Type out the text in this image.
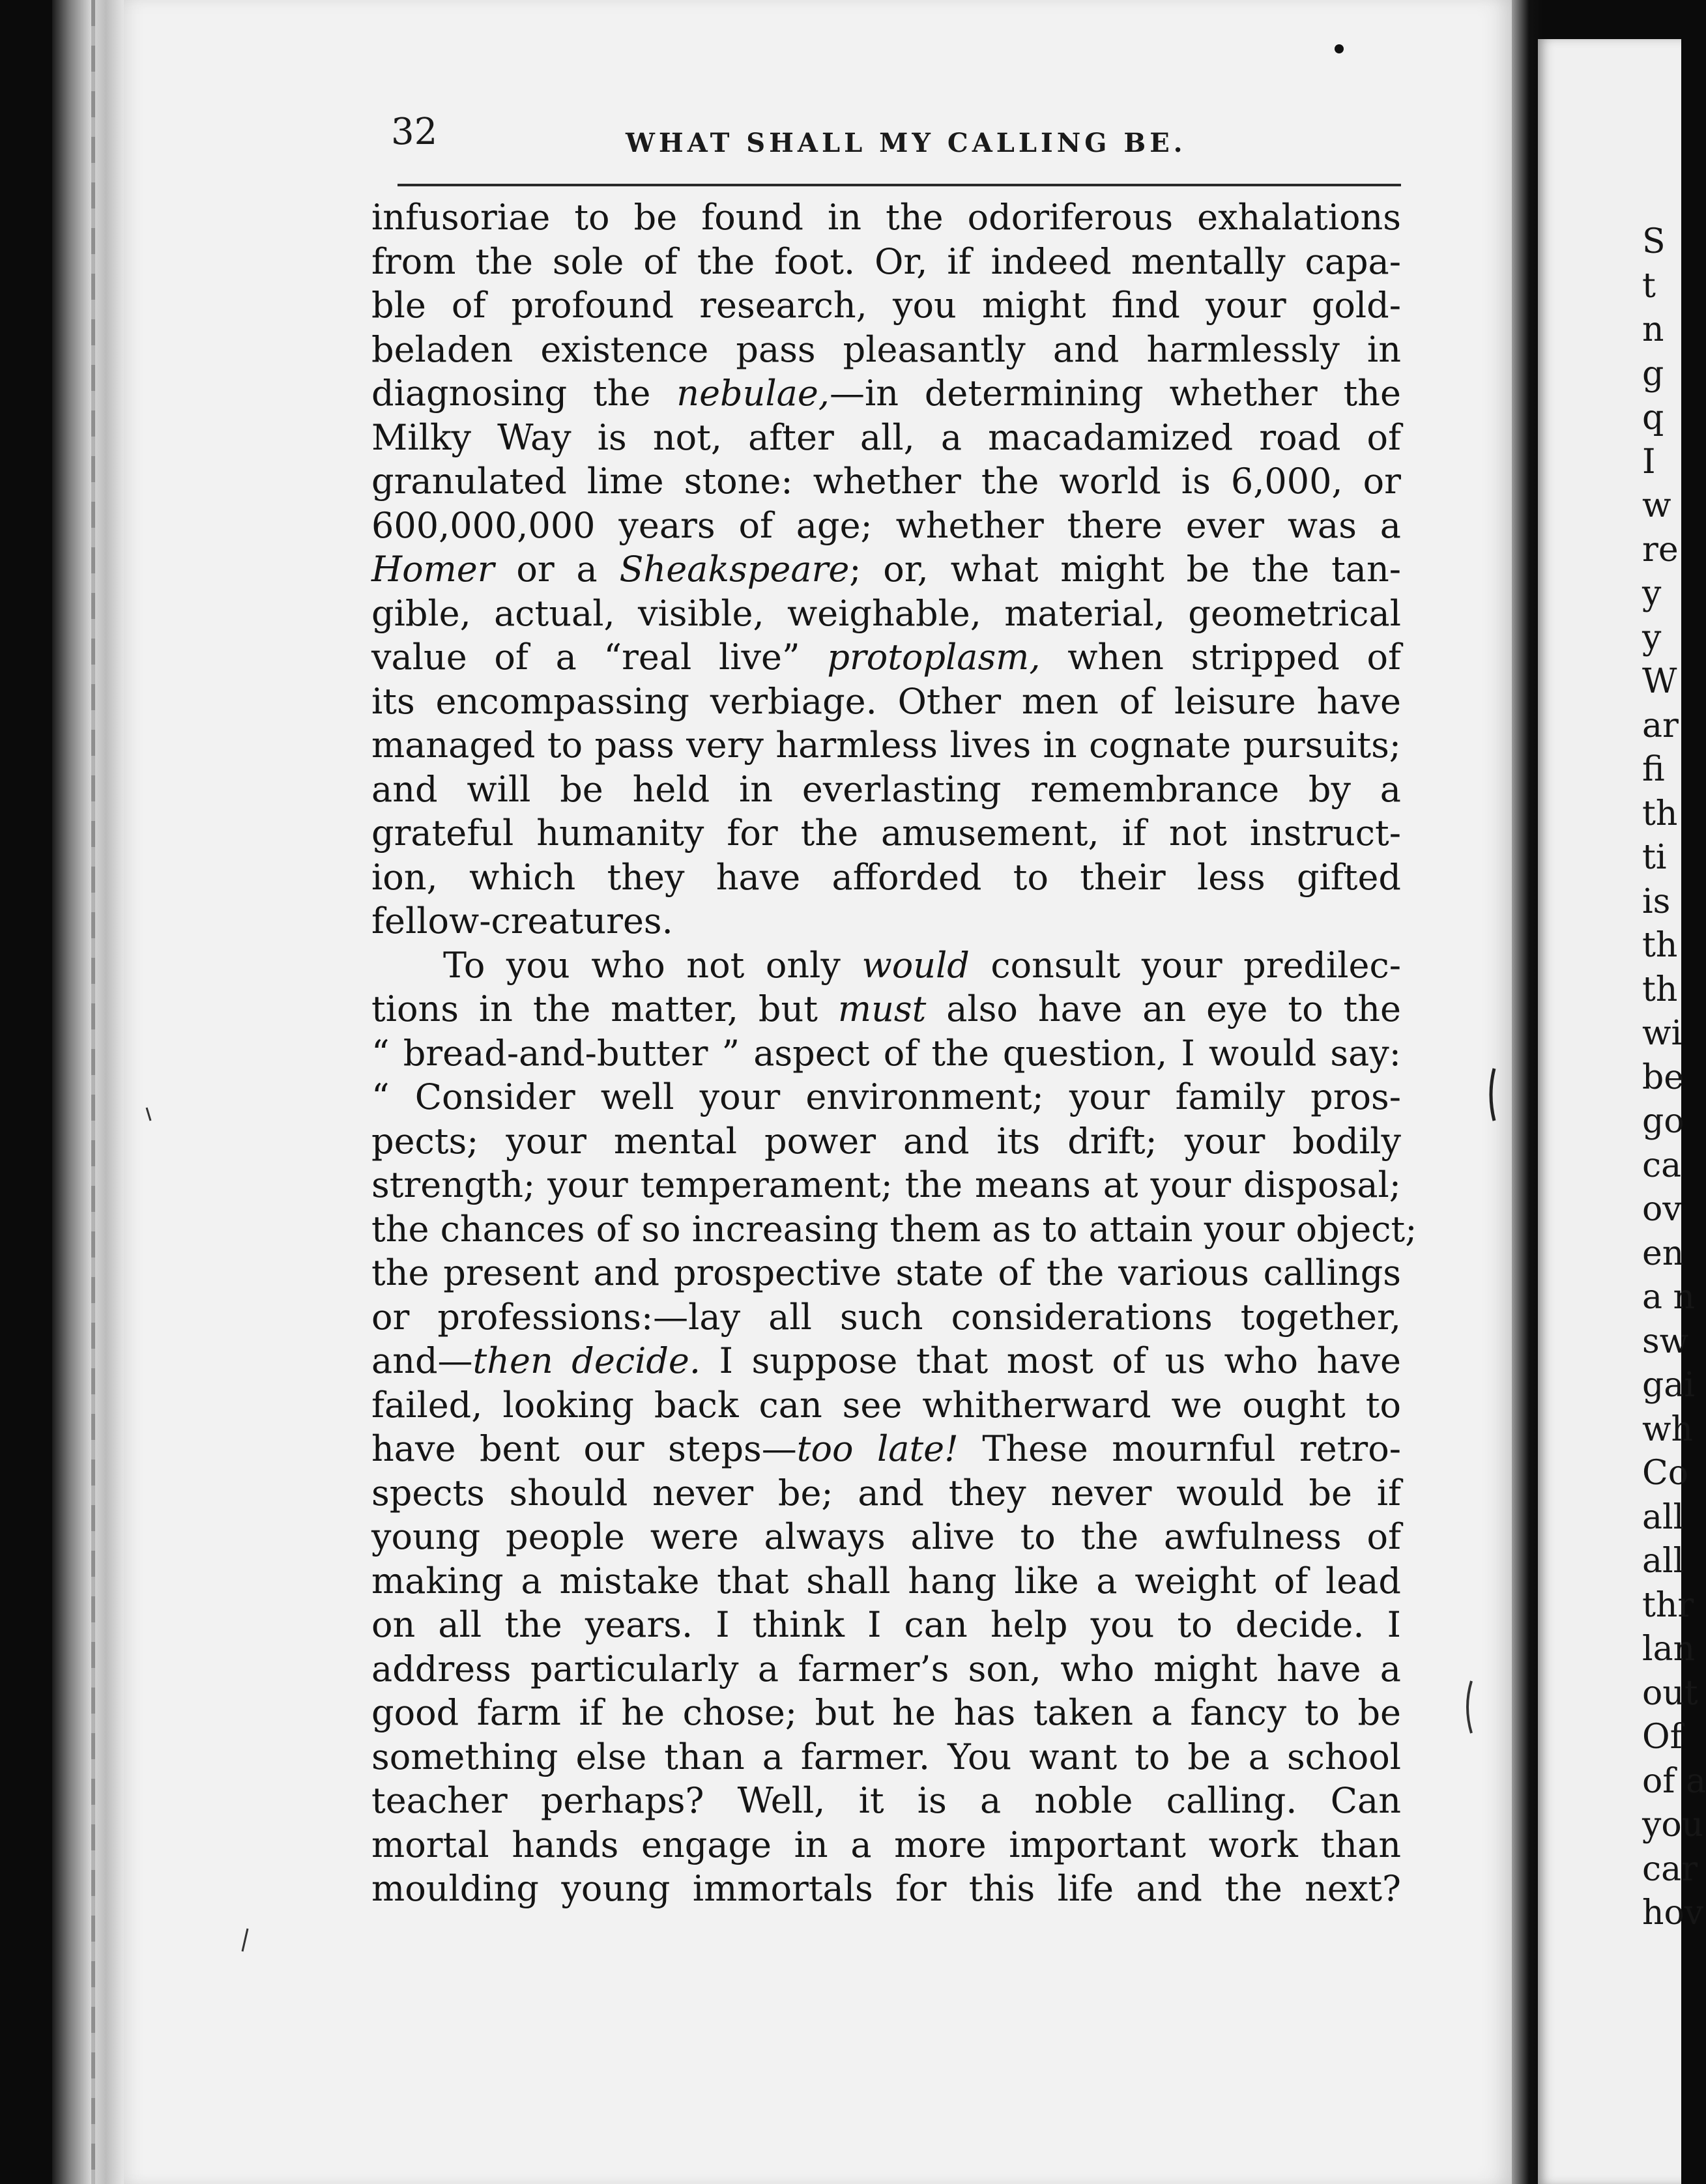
S
t
n
g
q
I
w
re
y
y
W
ar
fi
th
ti
is
th
th
wi
be
go
ca
ov
en
a n
sw
gai
wh
Co
all
all
thr
lan
out
Of
of a
you
car
hov
32	WHAT SHALL MY CALLING BE.
infusoriae to be found in the odoriferous exhalations
from the sole of the foot. Or, if indeed mentally capa-
ble of profound research, you might find your gold-
beladen existence pass pleasantly and harmlessly in
diagnosing the nebulae,—in determining whether the
Milky Way is not, after all, a macadamized road of
granulated lime stone: whether the world is 6,000, or
600,000,000 years of age; whether there ever was a
Homer or a Sheakspeare; or, what might be the tan-
gible, actual, visible, weighable, material, geometrical
value of a “real live” protoplasm, when stripped of
its encompassing verbiage. Other men of leisure have
managed to pass very harmless lives in cognate pursuits;
and will be held in everlasting remembrance by a
grateful humanity for the amusement, if not instruct-
ion, which they have afforded to their less gifted
fellow-creatures.
To you who not only would consult your predilec-
tions in the matter, but must also have an eye to the
“ bread-and-butter ” aspect of the question, I would say:
“ Consider well your environment; your family pros-
pects; your mental power and its drift; your bodily
strength; your temperament; the means at your disposal;
the chances of so increasing them as to attain your object;
the present and prospective state of the various callings
or professions:—lay all such considerations together,
and—then decide. I suppose that most of us who have
failed, looking back can see whitherward we ought to
have bent our steps—too late! These mournful retro-
spects should never be; and they never would be if
young people were always alive to the awfulness of
making a mistake that shall hang like a weight of lead
on all the years. I think I can help you to decide. I
address particularly a farmer’s son, who might have a
good farm if he chose; but he has taken a fancy to be
something else than a farmer. You want to be a school
teacher perhaps? Well, it is a noble calling. Can
mortal hands engage in a more important work than
moulding young immortals for this life and the next?
